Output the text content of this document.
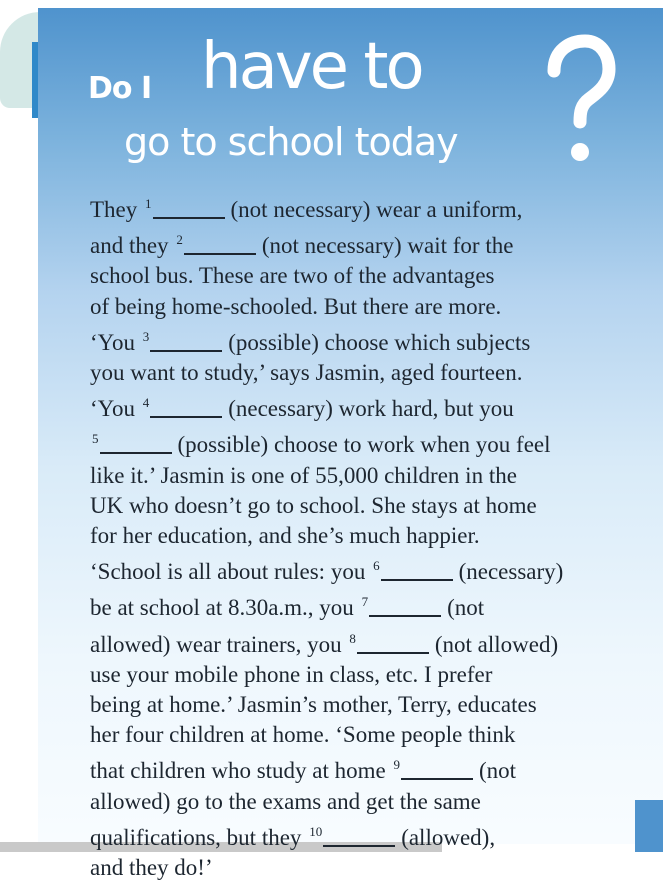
Do I have to
go to school today
They $^1$	(not necessary) wear a uniform,
and they $^2$	(not necessary) wait for the
school bus. These are two of the advantages
of being home-schooled. But there are more.
‘You $^3$	(possible) choose which subjects
you want to study,’ says Jasmin, aged fourteen.
‘You $^4$	(necessary) work hard, but you
$^5$	(possible) choose to work when you feel
like it.’ Jasmin is one of 55,000 children in the
UK who doesn’t go to school. She stays at home
for her education, and she’s much happier.
‘School is all about rules: you $^6$	(necessary)
be at school at 8.30a.m., you $^7$	(not
allowed) wear trainers, you $^8$	(not allowed)
use your mobile phone in class, etc. I prefer
being at home.’ Jasmin’s mother, Terry, educates
her four children at home. ‘Some people think
that children who study at home $^9$	(not
allowed) go to the exams and get the same
qualifications, but they $^{10}$	(allowed),
and they do!’
